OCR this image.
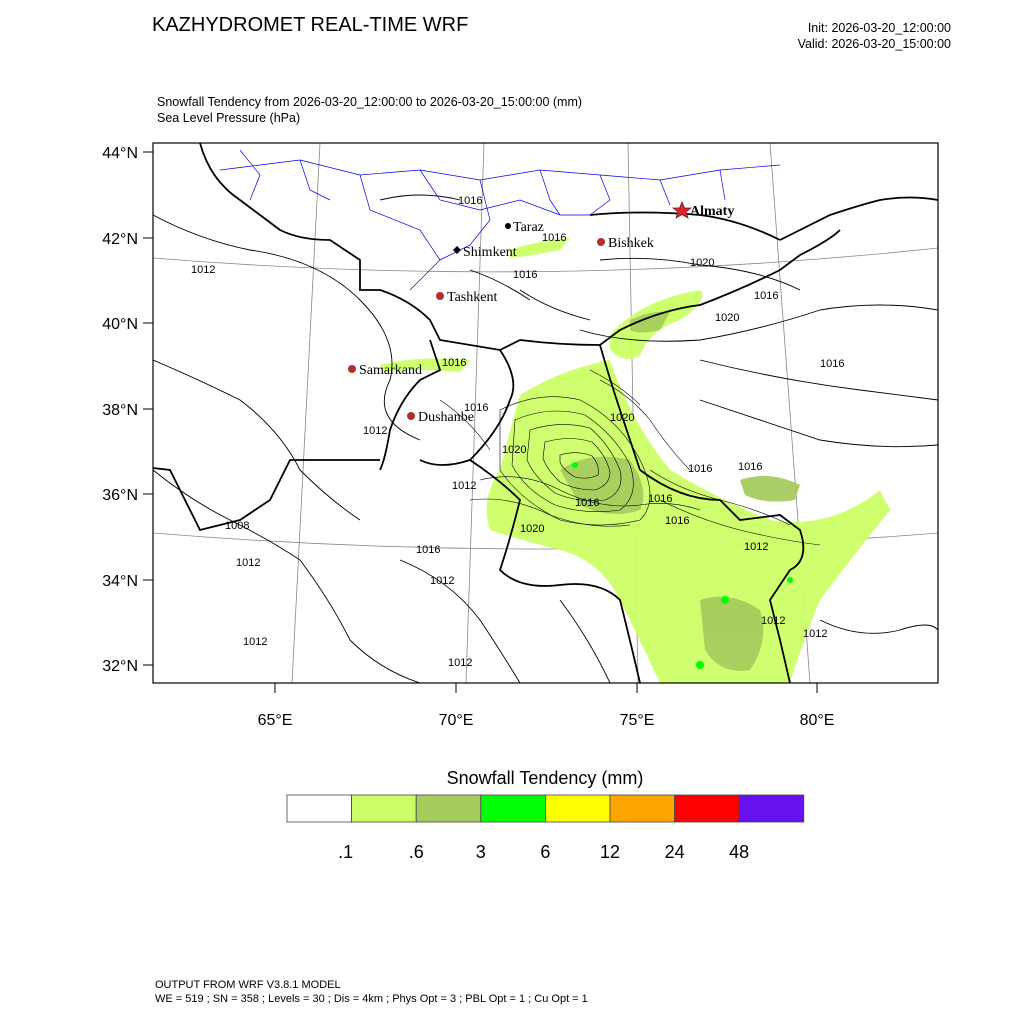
KAZHYDROMET REAL-TIME WRF	Init: 2026-03-20_12:00:00
Valid: 2026-03-20_15:00:00
Snowfall Tendency from 2026-03-20_12:00:00 to 2026-03-20_15:00:00 (mm)
Sea Level Pressure (hPa)
44°N
42°N
40°N
38°N
36°N
34°N
32°N
65°E	70°E	75°E	80°E
1016
1016
1012	1016
1020
1016
1020
1016
1016
1016
1012
1020
1020
1012
1016 1016
1016	1016
1008
1012
1016
1020
1012
1012
1016
1012
1012
1012
1012
Almaty
Bishkek
Taraz
Shimkent
Tashkent
Samarkand
Dushanbe
.1	.6	3	6	12 24 48
Snowfall Tendency (mm)
OUTPUT FROM WRF V3.8.1 MODEL
WE = 519 ; SN = 358 ; Levels = 30 ; Dis = 4km ; Phys Opt = 3 ; PBL Opt = 1 ; Cu Opt = 1
